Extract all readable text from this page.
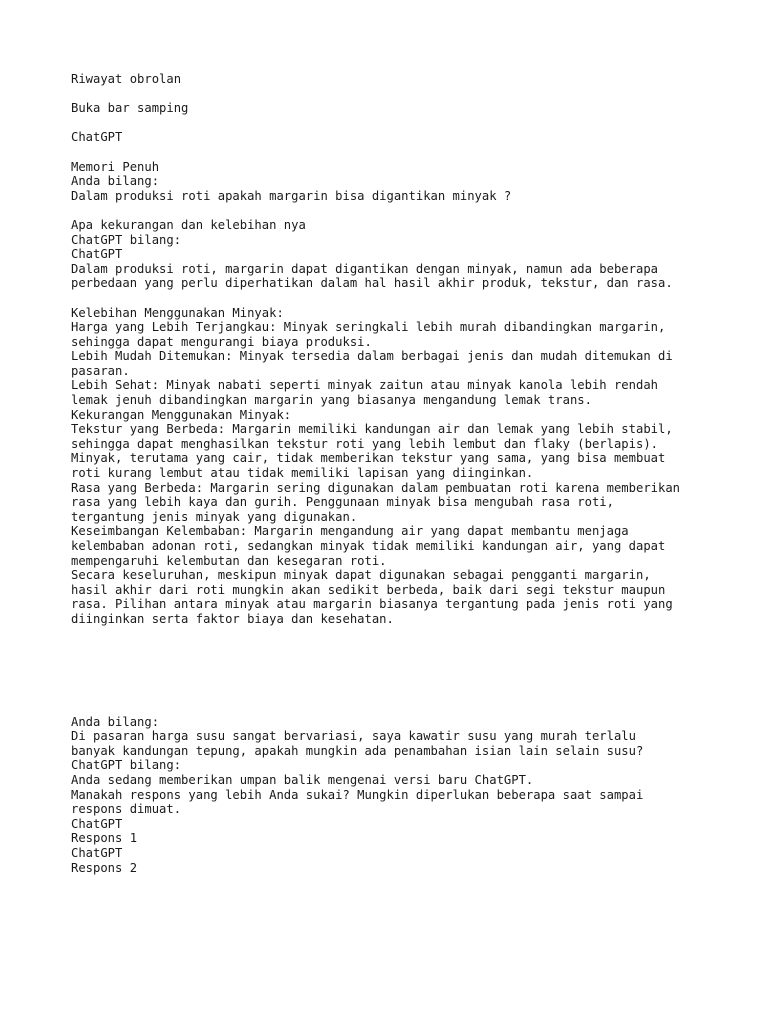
Riwayat obrolan
Buka bar samping
ChatGPT
Memori Penuh
Anda bilang:
Dalam produksi roti apakah margarin bisa digantikan minyak ?
Apa kekurangan dan kelebihan nya
ChatGPT bilang:
ChatGPT
Dalam produksi roti, margarin dapat digantikan dengan minyak, namun ada beberapa
perbedaan yang perlu diperhatikan dalam hal hasil akhir produk, tekstur, dan rasa.
Kelebihan Menggunakan Minyak:
Harga yang Lebih Terjangkau: Minyak seringkali lebih murah dibandingkan margarin,
sehingga dapat mengurangi biaya produksi.
Lebih Mudah Ditemukan: Minyak tersedia dalam berbagai jenis dan mudah ditemukan di
pasaran.
Lebih Sehat: Minyak nabati seperti minyak zaitun atau minyak kanola lebih rendah
lemak jenuh dibandingkan margarin yang biasanya mengandung lemak trans.
Kekurangan Menggunakan Minyak:
Tekstur yang Berbeda: Margarin memiliki kandungan air dan lemak yang lebih stabil,
sehingga dapat menghasilkan tekstur roti yang lebih lembut dan flaky (berlapis).
Minyak, terutama yang cair, tidak memberikan tekstur yang sama, yang bisa membuat
roti kurang lembut atau tidak memiliki lapisan yang diinginkan.
Rasa yang Berbeda: Margarin sering digunakan dalam pembuatan roti karena memberikan
rasa yang lebih kaya dan gurih. Penggunaan minyak bisa mengubah rasa roti,
tergantung jenis minyak yang digunakan.
Keseimbangan Kelembaban: Margarin mengandung air yang dapat membantu menjaga
kelembaban adonan roti, sedangkan minyak tidak memiliki kandungan air, yang dapat
mempengaruhi kelembutan dan kesegaran roti.
Secara keseluruhan, meskipun minyak dapat digunakan sebagai pengganti margarin,
hasil akhir dari roti mungkin akan sedikit berbeda, baik dari segi tekstur maupun
rasa. Pilihan antara minyak atau margarin biasanya tergantung pada jenis roti yang
diinginkan serta faktor biaya dan kesehatan.
Anda bilang:
Di pasaran harga susu sangat bervariasi, saya kawatir susu yang murah terlalu
banyak kandungan tepung, apakah mungkin ada penambahan isian lain selain susu?
ChatGPT bilang:
Anda sedang memberikan umpan balik mengenai versi baru ChatGPT.
Manakah respons yang lebih Anda sukai? Mungkin diperlukan beberapa saat sampai
respons dimuat.
ChatGPT
Respons 1
ChatGPT
Respons 2
